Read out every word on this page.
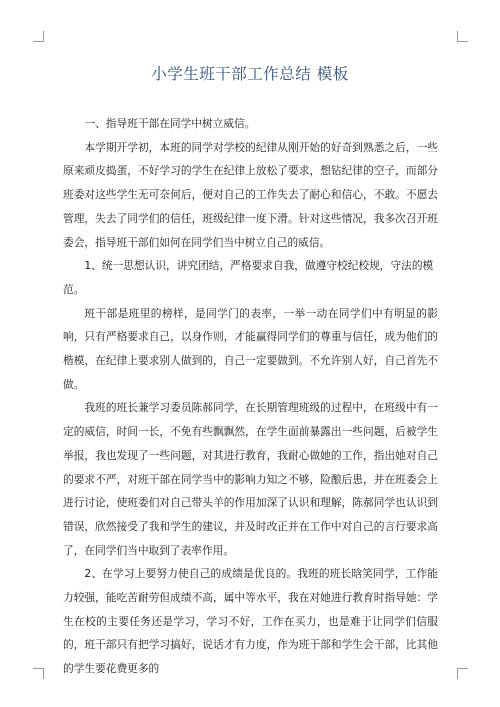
小学生班干部工作总结 模板

一、指导班干部在同学中树立威信。

本学期开学初，本班的同学对学校的纪律从刚开始的好奇到熟悉之后，一些原来顽皮捣蛋，不好学习的学生在纪律上放松了要求，想钻纪律的空子，而部分班委对这些学生无可奈何后，便对自己的工作失去了耐心和信心，不敢。不愿去管理，失去了同学们的信任，班级纪律一度下滑。针对这些情况，我多次召开班委会，指导班干部们如何在同学们当中树立自己的威信。

1、统一思想认识，讲究团结，严格要求自我，做遵守校纪校规，守法的模范。

班干部是班里的榜样，是同学门的表率，一举一动在同学们中有明显的影响，只有严格要求自己，以身作则，才能赢得同学们的尊重与信任，成为他们的楷模，在纪律上要求别人做到的，自己一定要做到。不允许别人好，自己首先不做。

我班的班长兼学习委员陈郝同学，在长期管理班级的过程中，在班级中有一定的威信，时间一长，不免有些飘飘然，在学生面前暴露出一些问题，后被学生举报，我也发现了一些问题，对其进行教育，我耐心做她的工作，指出她对自己的要求不严，对班干部在同学当中的影响力知之不够，险酿后患，并在班委会上进行讨论，使班委们对自己带头羊的作用加深了认识和理解，陈郝同学也认识到错误，欣然接受了我和学生的建议，并及时改正并在工作中对自己的言行要求高了，在同学们当中取到了表率作用。

2、在学习上要努力使自己的成绩是优良的。我班的班长晗笑同学，工作能力较强，能吃苦耐劳但成绩不高，属中等水平，我在对她进行教育时指导她：学生在校的主要任务还是学习，学习不好，工作在买力，也是难于让同学们信服的，班干部只有把学习搞好，说话才有力度，作为班干部和学生会干部，比其他的学生要花费更多的
